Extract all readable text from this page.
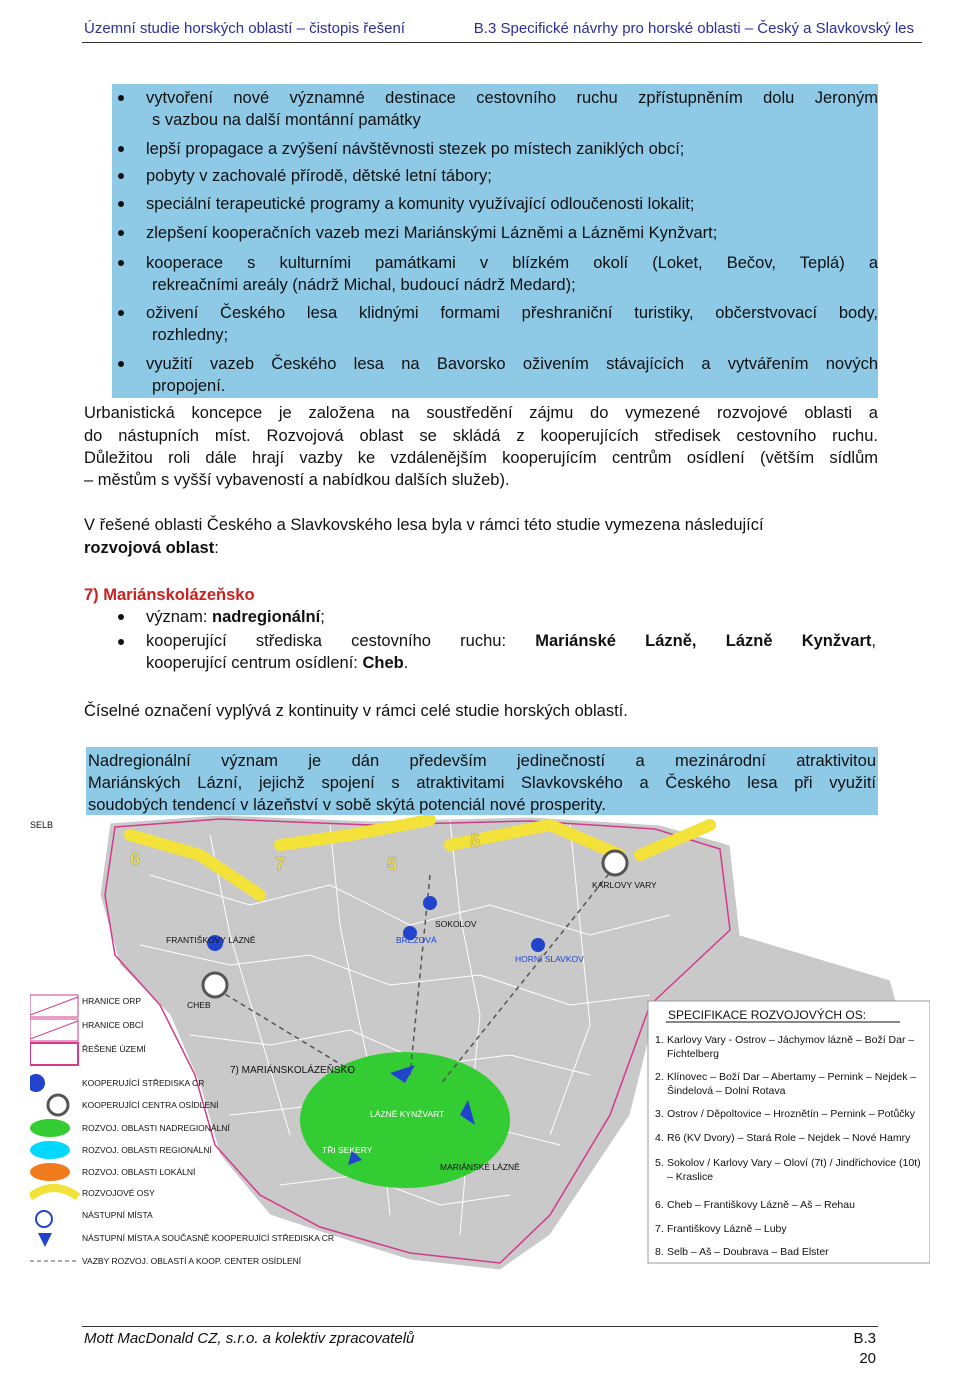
Územní studie horských oblastí – čistopis řešení	B.3 Specifické návrhy pro horské oblasti – Český a Slavkovský les
vytvoření nové významné destinace cestovního ruchu zpřístupněním dolu Jeroným
s vazbou na další montánní památky
lepší propagace a zvýšení návštěvnosti stezek po místech zaniklých obcí;
pobyty v zachovalé přírodě, dětské letní tábory;
speciální terapeutické programy a komunity využívající odloučenosti lokalit;
zlepšení kooperačních vazeb mezi Mariánskými Lázněmi a Lázněmi Kynžvart;
kooperace s kulturními památkami v blízkém okolí (Loket, Bečov, Teplá) a
rekreačními areály (nádrž Michal, budoucí nádrž Medard);
oživení Českého lesa klidnými formami přeshraniční turistiky, občerstvovací body,
rozhledny;
využití vazeb Českého lesa na Bavorsko oživením stávajících a vytvářením nových
propojení.
Urbanistická koncepce je založena na soustředění zájmu do vymezené rozvojové oblasti a
do nástupních míst. Rozvojová oblast se skládá z kooperujících středisek cestovního ruchu.
Důležitou roli dále hrají vazby ke vzdálenějším kooperujícím centrům osídlení (větším sídlům
– městům s vyšší vybaveností a nabídkou dalších služeb).
V řešené oblasti Českého a Slavkovského lesa byla v rámci této studie vymezena následující
rozvojová oblast:
7) Mariánskolázeňsko
význam: nadregionální;
kooperující střediska cestovního ruchu: Mariánské Lázně, Lázně Kynžvart,
kooperující centrum osídlení: Cheb.
Číselné označení vyplývá z kontinuity v rámci celé studie horských oblastí.
Nadregionální význam je dán především jedinečností a mezinárodní atraktivitou
Mariánských Lázní, jejichž spojení s atraktivitami Slavkovského a Českého lesa při využití
soudobých tendencí v lázeňství v sobě skýtá potenciál nové prosperity.
SELB
6	7	5
5
KARLOVY VARY
SOKOLOV
BŘEZOVÁ
HORNÍ SLAVKOV
FRANTIŠKOVY LÁZNĚ
CHEB
LÁZNĚ KYNŽVART
TŘI SEKERY
MARIÁNSKÉ LÁZNĚ
7) MARIÁNSKOLÁZEŇSKO
HRANICE ORP
HRANICE OBCÍ
ŘEŠENÉ ÚZEMÍ
KOOPERUJÍCÍ STŘEDISKA CR
KOOPERUJÍCÍ CENTRA OSÍDLENÍ
ROZVOJ. OBLASTI NADREGIONÁLNÍ
ROZVOJ. OBLASTI REGIONÁLNÍ
ROZVOJ. OBLASTI LOKÁLNÍ
ROZVOJOVÉ OSY
NÁSTUPNÍ MÍSTA
NÁSTUPNÍ MÍSTA A SOUČASNĚ KOOPERUJÍCÍ STŘEDISKA CR
VAZBY ROZVOJ. OBLASTÍ A KOOP. CENTER OSÍDLENÍ
SPECIFIKACE ROZVOJOVÝCH OS:
1. Karlovy Vary - Ostrov – Jáchymov lázně – Boží Dar –
Fichtelberg
2. Klínovec – Boží Dar – Abertamy – Pernink – Nejdek –
Šindelová – Dolní Rotava
3. Ostrov / Děpoltovice – Hroznětín – Pernink – Potůčky
4. R6 (KV Dvory) – Stará Role – Nejdek – Nové Hamry
5. Sokolov / Karlovy Vary – Oloví (7t) / Jindřichovice (10t)
– Kraslice
6. Cheb – Františkovy Lázně – Aš – Rehau
7. Františkovy Lázně – Luby
8. Selb – Aš – Doubrava – Bad Elster
Mott MacDonald CZ, s.r.o. a kolektiv zpracovatelů	B.3
20
